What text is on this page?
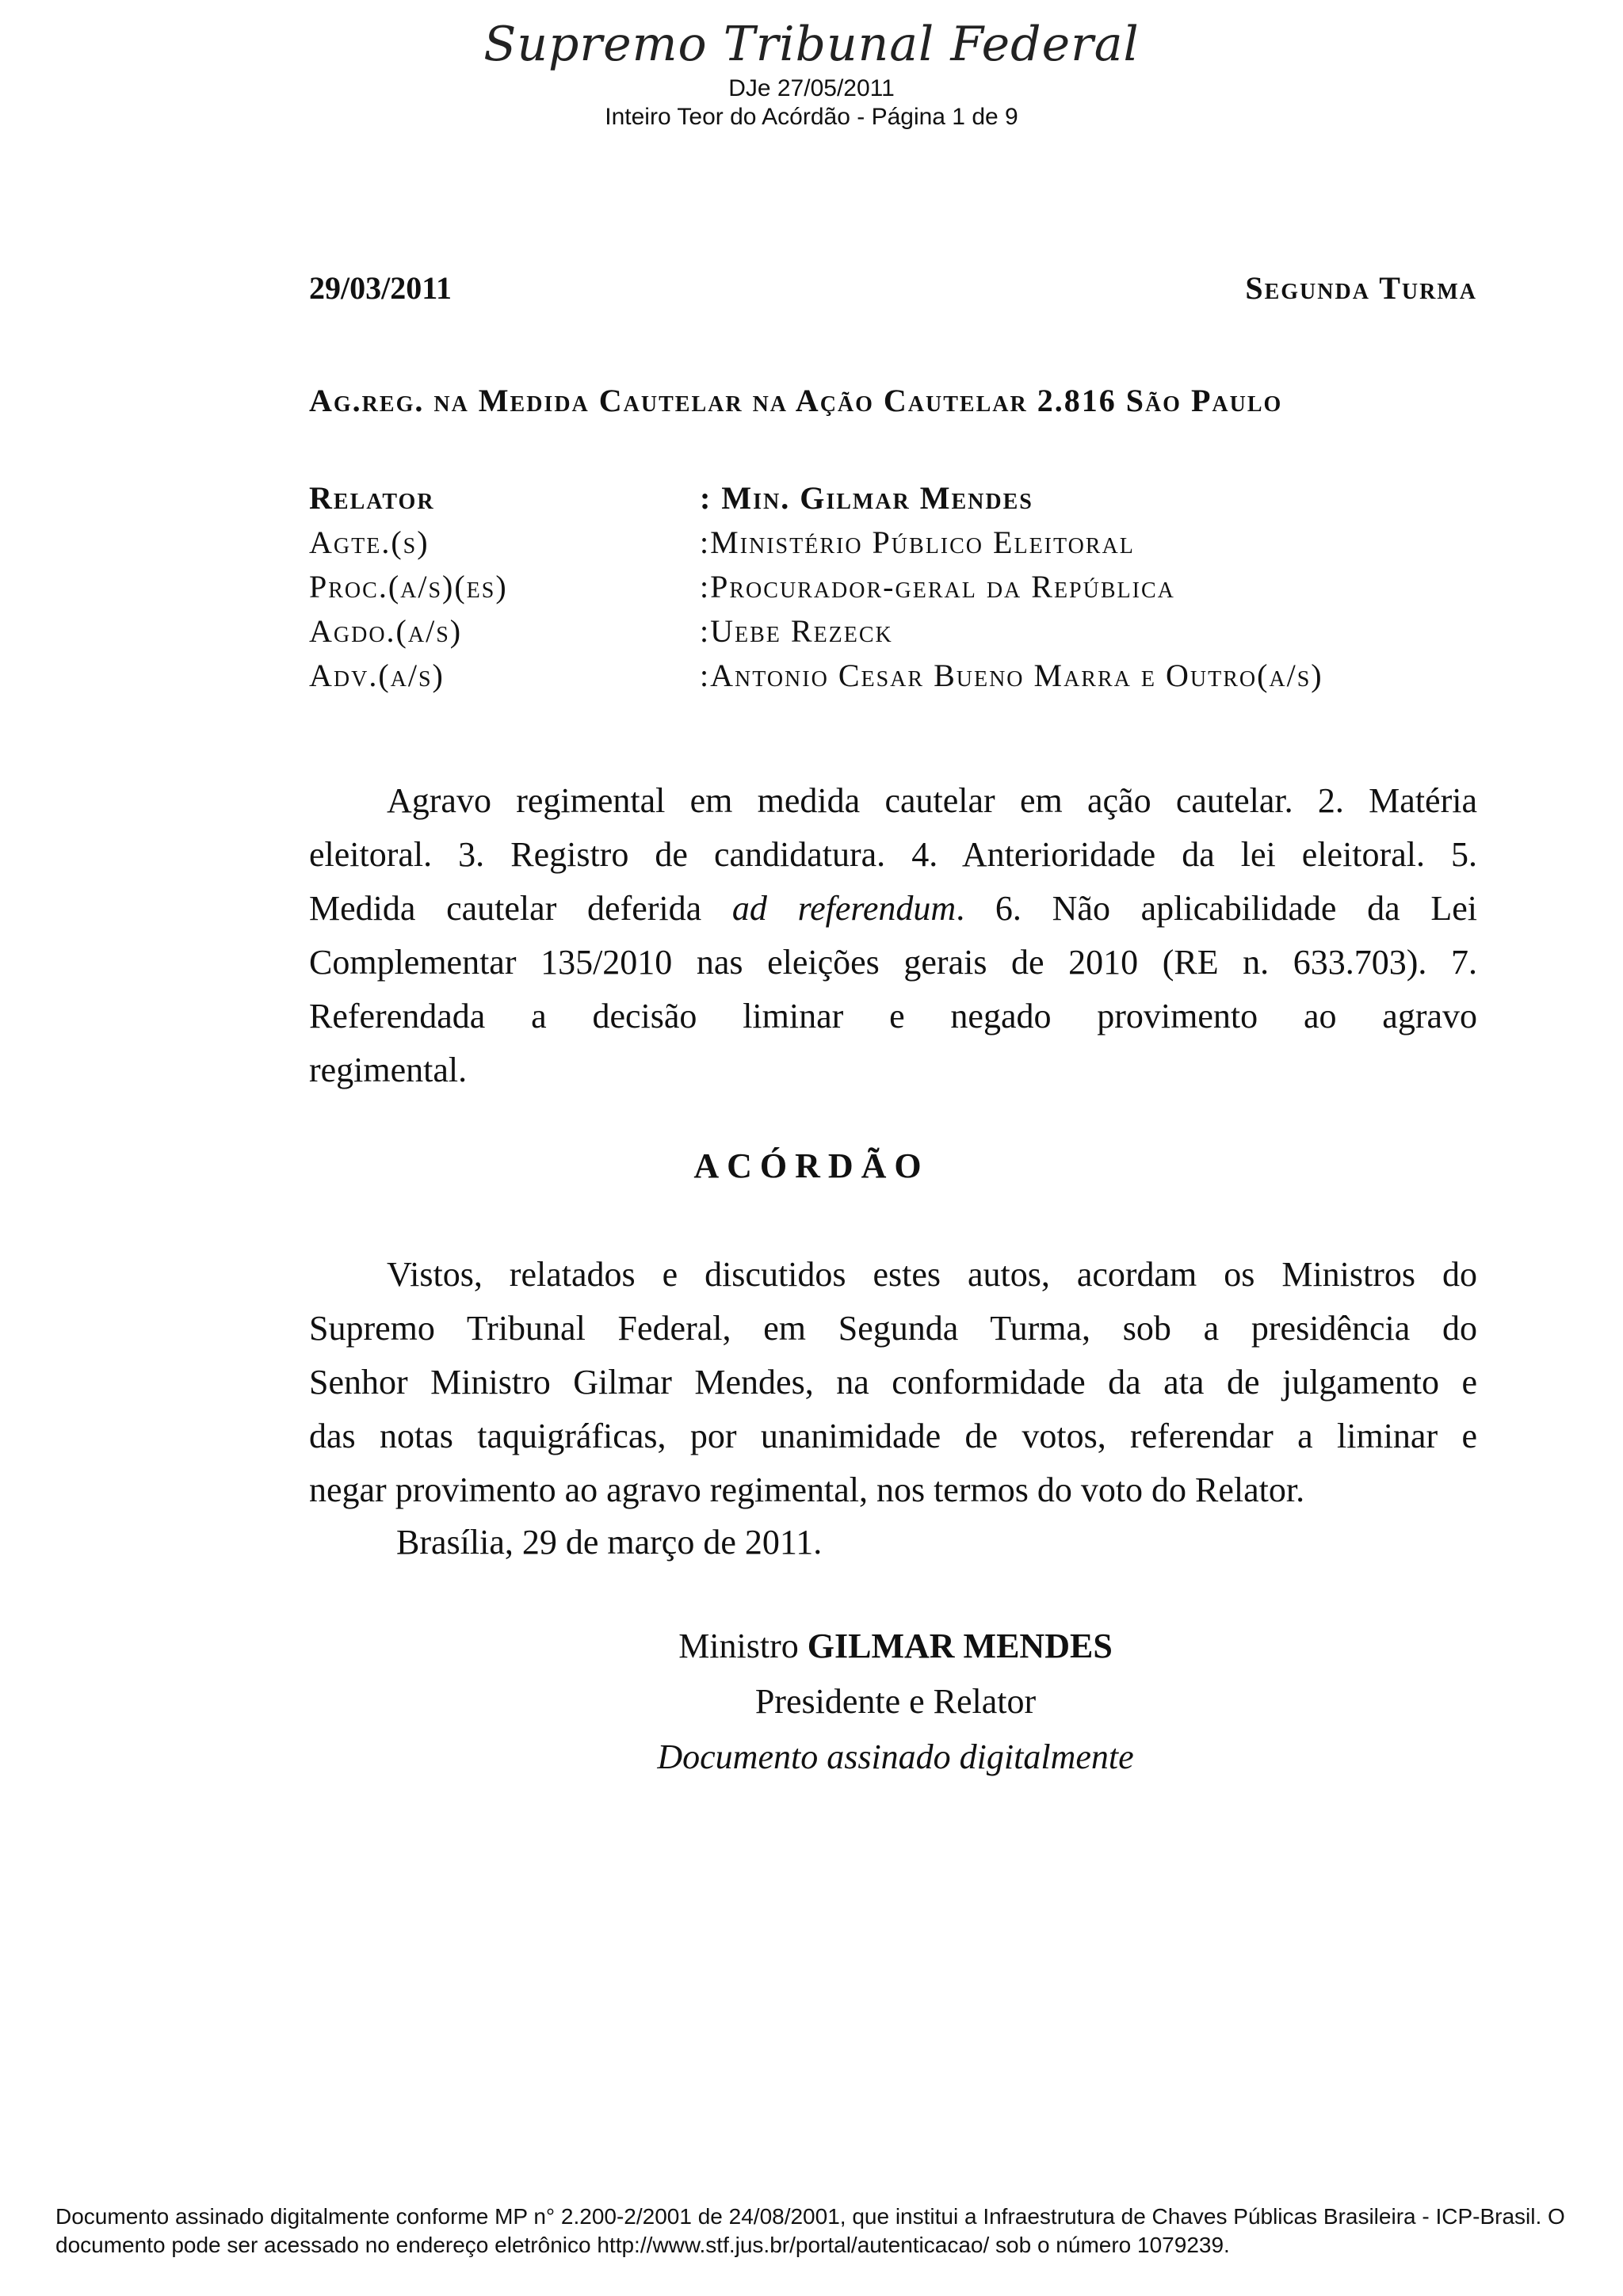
Supremo Tribunal Federal
DJe 27/05/2011
Inteiro Teor do Acórdão - Página 1 de 9
29/03/2011	Segunda Turma
Ag.reg. na Medida Cautelar na Ação Cautelar 2.816 São Paulo
Relator	: Min. Gilmar Mendes
Agte.(s)	:Ministério Público Eleitoral
Proc.(a/s)(es)	:Procurador-geral da República
Agdo.(a/s)	:Uebe Rezeck
Adv.(a/s)	:Antonio Cesar Bueno Marra e Outro(a/s)
Agravo regimental em medida cautelar em ação cautelar. 2. Matéria
eleitoral. 3. Registro de candidatura. 4. Anterioridade da lei eleitoral. 5.
Medida cautelar deferida ad referendum. 6. Não aplicabilidade da Lei
Complementar 135/2010 nas eleições gerais de 2010 (RE n. 633.703). 7.
Referendada a decisão liminar e negado provimento ao agravo
regimental.
ACÓRDÃO
Vistos, relatados e discutidos estes autos, acordam os Ministros do
Supremo Tribunal Federal, em Segunda Turma, sob a presidência do
Senhor Ministro Gilmar Mendes, na conformidade da ata de julgamento e
das notas taquigráficas, por unanimidade de votos, referendar a liminar e
negar provimento ao agravo regimental, nos termos do voto do Relator.
Brasília, 29 de março de 2011.
Ministro GILMAR MENDES
Presidente e Relator
Documento assinado digitalmente
Documento assinado digitalmente conforme MP n° 2.200-2/2001 de 24/08/2001, que institui a Infraestrutura de Chaves Públicas Brasileira - ICP-Brasil. O
documento pode ser acessado no endereço eletrônico http://www.stf.jus.br/portal/autenticacao/ sob o número 1079239.
